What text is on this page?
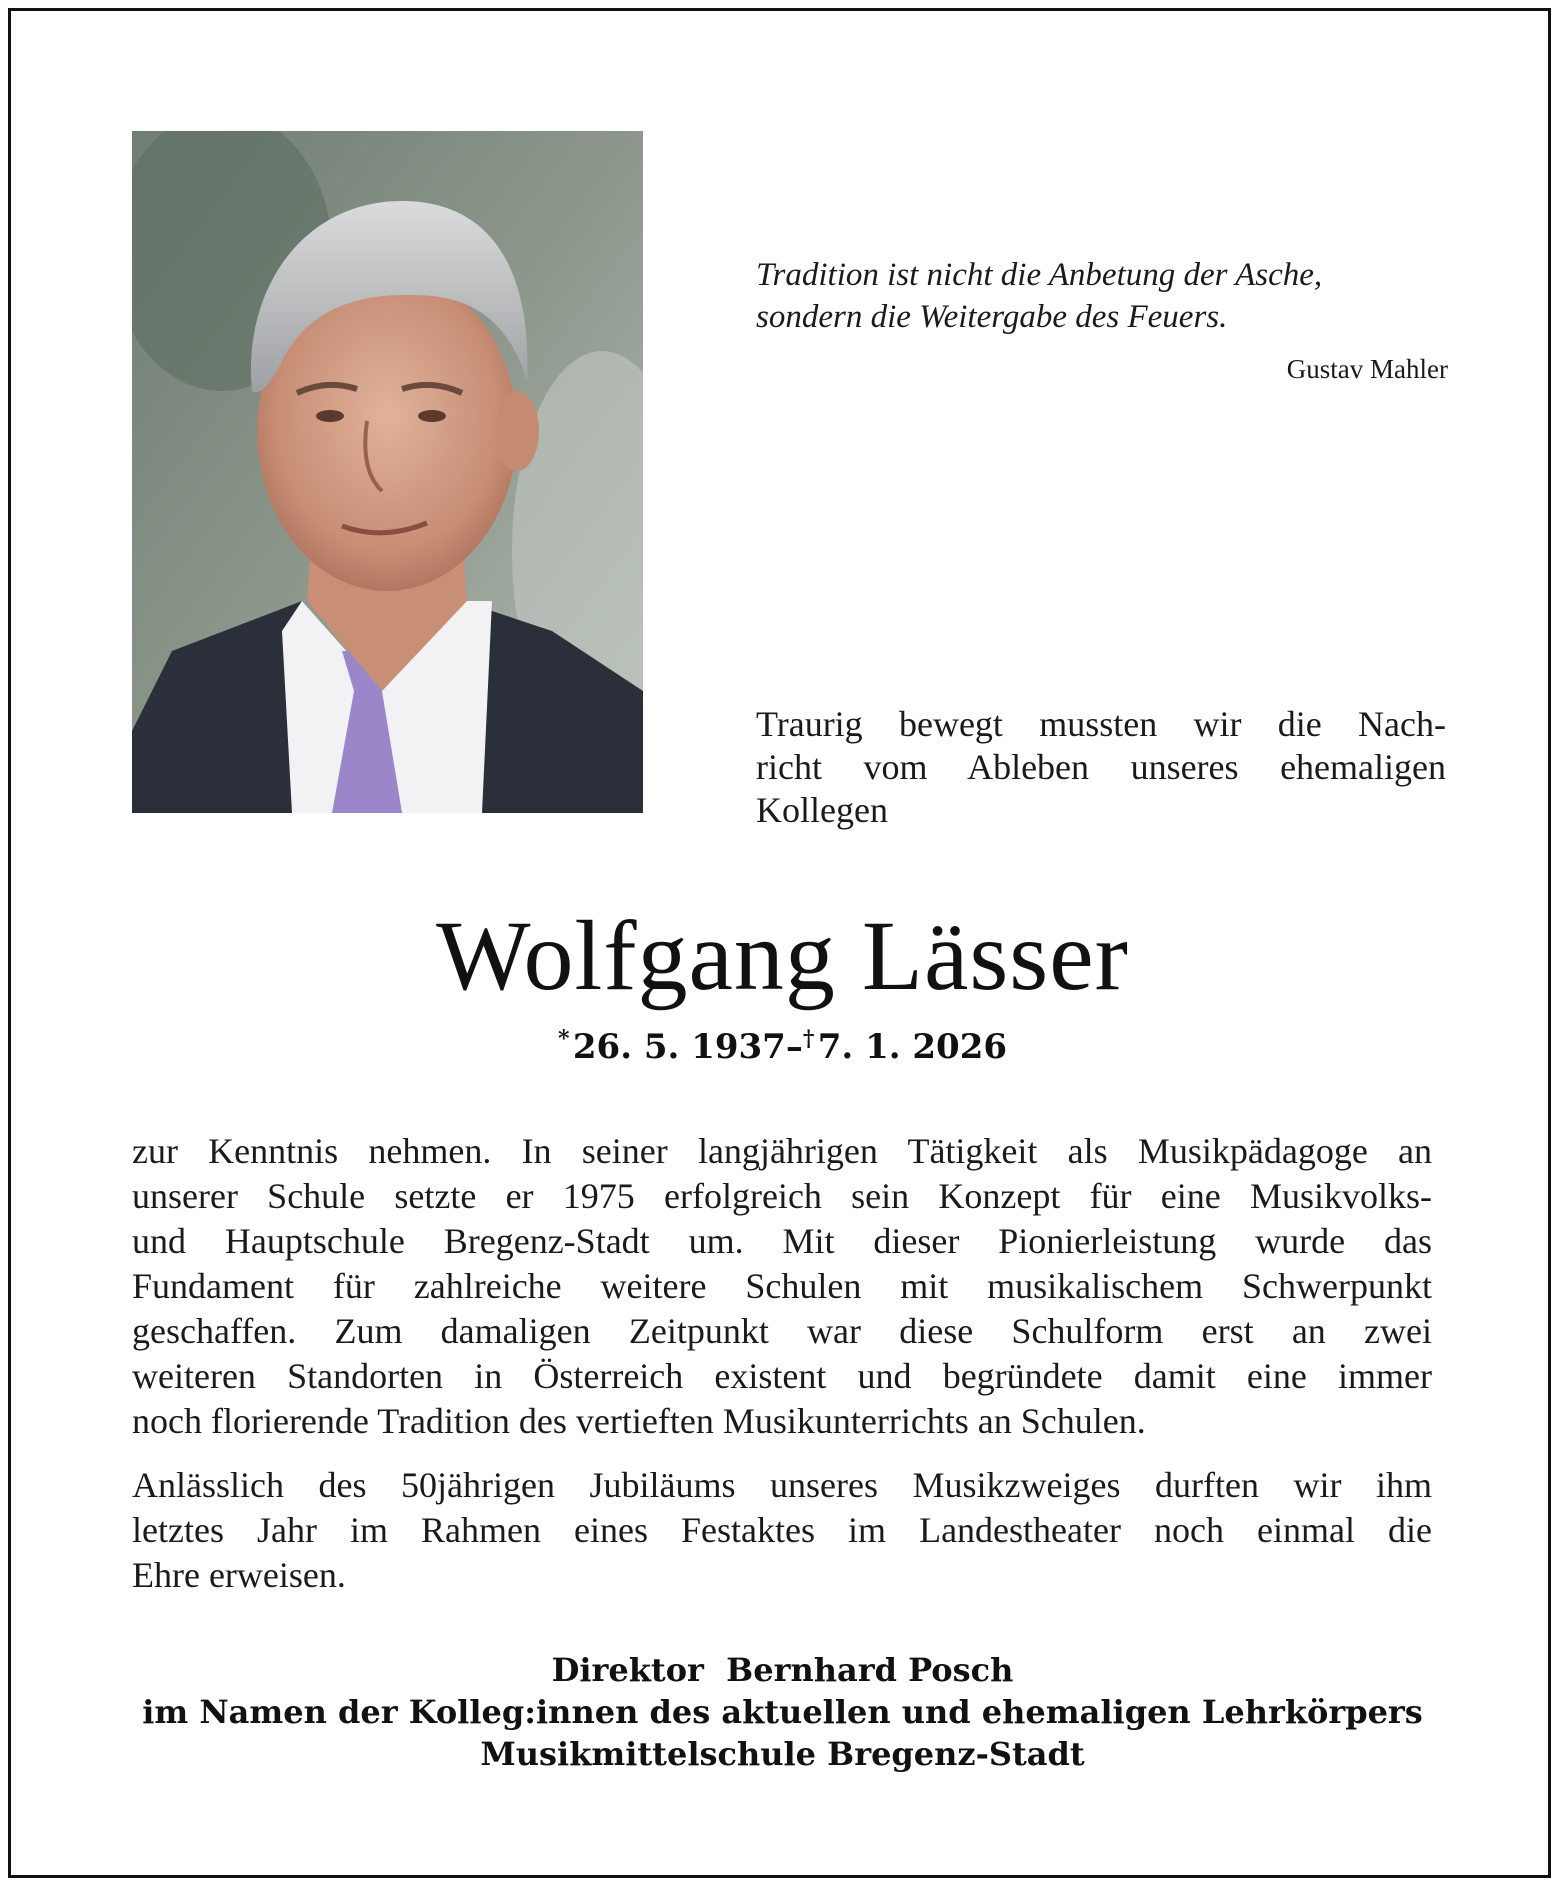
Tradition ist nicht die Anbetung der Asche,
sondern die Weitergabe des Feuers.
Gustav Mahler
Traurig bewegt mussten wir die Nach-
richt vom Ableben unseres ehemaligen
Kollegen
Wolfgang Lässer
* 26. 5. 1937–† 7. 1. 2026
zur Kenntnis nehmen. In seiner langjährigen Tätigkeit als Musikpädagoge an
unserer Schule setzte er 1975 erfolgreich sein Konzept für eine Musikvolks-
und Hauptschule Bregenz-Stadt um. Mit dieser Pionierleistung wurde das
Fundament für zahlreiche weitere Schulen mit musikalischem Schwerpunkt
geschaffen. Zum damaligen Zeitpunkt war diese Schulform erst an zwei
weiteren Standorten in Österreich existent und begründete damit eine immer
noch florierende Tradition des vertieften Musikunterrichts an Schulen.
Anlässlich des 50jährigen Jubiläums unseres Musikzweiges durften wir ihm
letztes Jahr im Rahmen eines Festaktes im Landestheater noch einmal die
Ehre erweisen.
Direktor  Bernhard Posch
im Namen der Kolleg:innen des aktuellen und ehemaligen Lehrkörpers
Musikmittelschule Bregenz-Stadt
